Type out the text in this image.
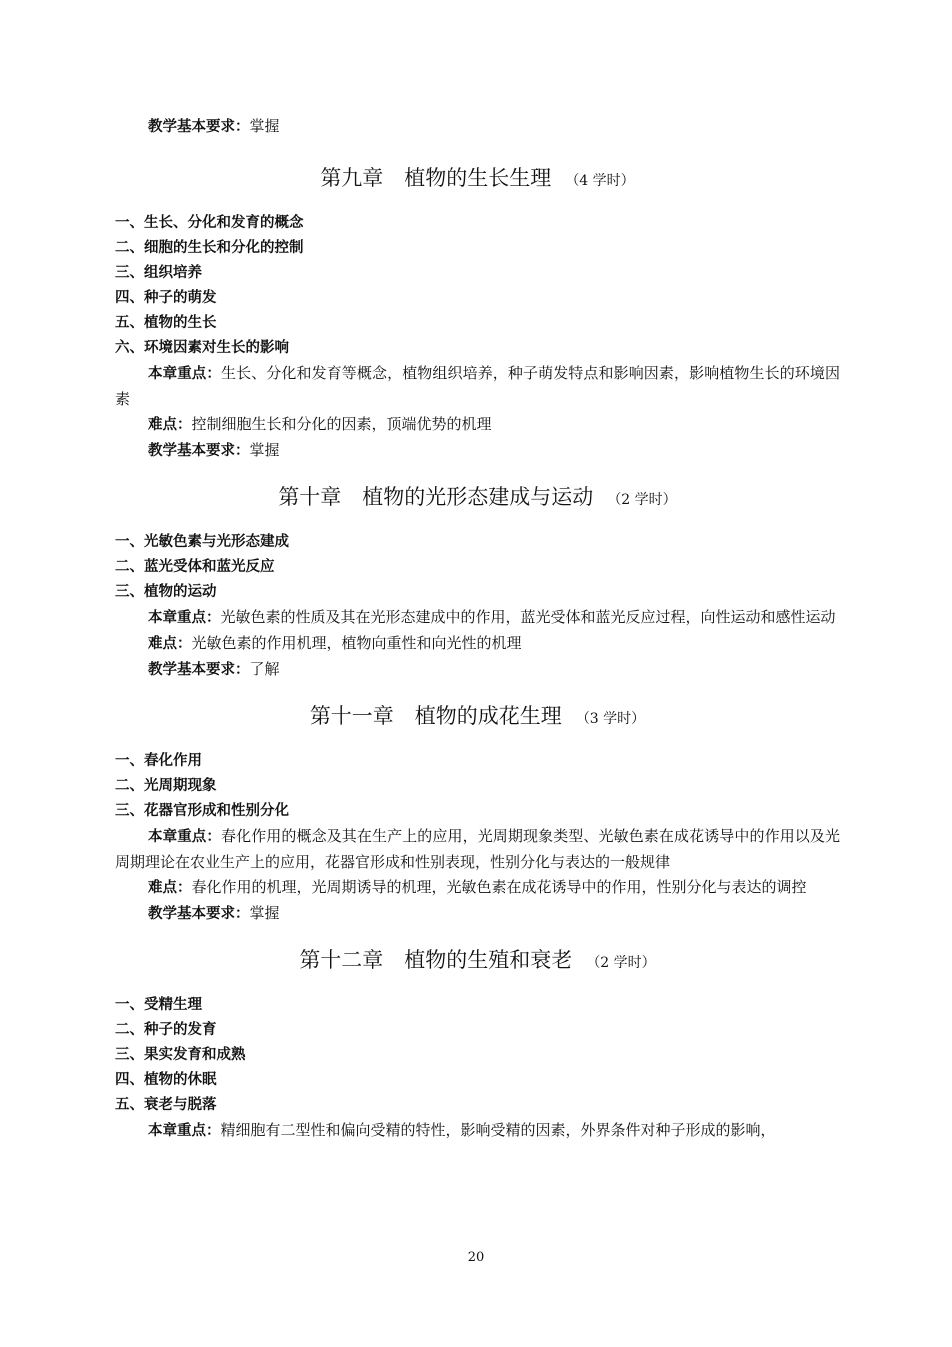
教学基本要求：掌握
第九章　植物的生长生理 （4 学时）
一、生长、分化和发育的概念
二、细胞的生长和分化的控制
三、组织培养
四、种子的萌发
五、植物的生长
六、环境因素对生长的影响
本章重点：生长、分化和发育等概念，植物组织培养，种子萌发特点和影响因素，影响植物生长的环境因素
难点：控制细胞生长和分化的因素，顶端优势的机理
教学基本要求：掌握
第十章　植物的光形态建成与运动 （2 学时）
一、光敏色素与光形态建成
二、蓝光受体和蓝光反应
三、植物的运动
本章重点：光敏色素的性质及其在光形态建成中的作用，蓝光受体和蓝光反应过程，向性运动和感性运动
难点：光敏色素的作用机理，植物向重性和向光性的机理
教学基本要求：了解
第十一章　植物的成花生理 （3 学时）
一、春化作用
二、光周期现象
三、花器官形成和性别分化
本章重点：春化作用的概念及其在生产上的应用，光周期现象类型、光敏色素在成花诱导中的作用以及光周期理论在农业生产上的应用，花器官形成和性别表现，性别分化与表达的一般规律
难点：春化作用的机理，光周期诱导的机理，光敏色素在成花诱导中的作用，性别分化与表达的调控
教学基本要求：掌握
第十二章　植物的生殖和衰老 （2 学时）
一、受精生理
二、种子的发育
三、果实发育和成熟
四、植物的休眠
五、衰老与脱落
本章重点：精细胞有二型性和偏向受精的特性，影响受精的因素，外界条件对种子形成的影响，
20
